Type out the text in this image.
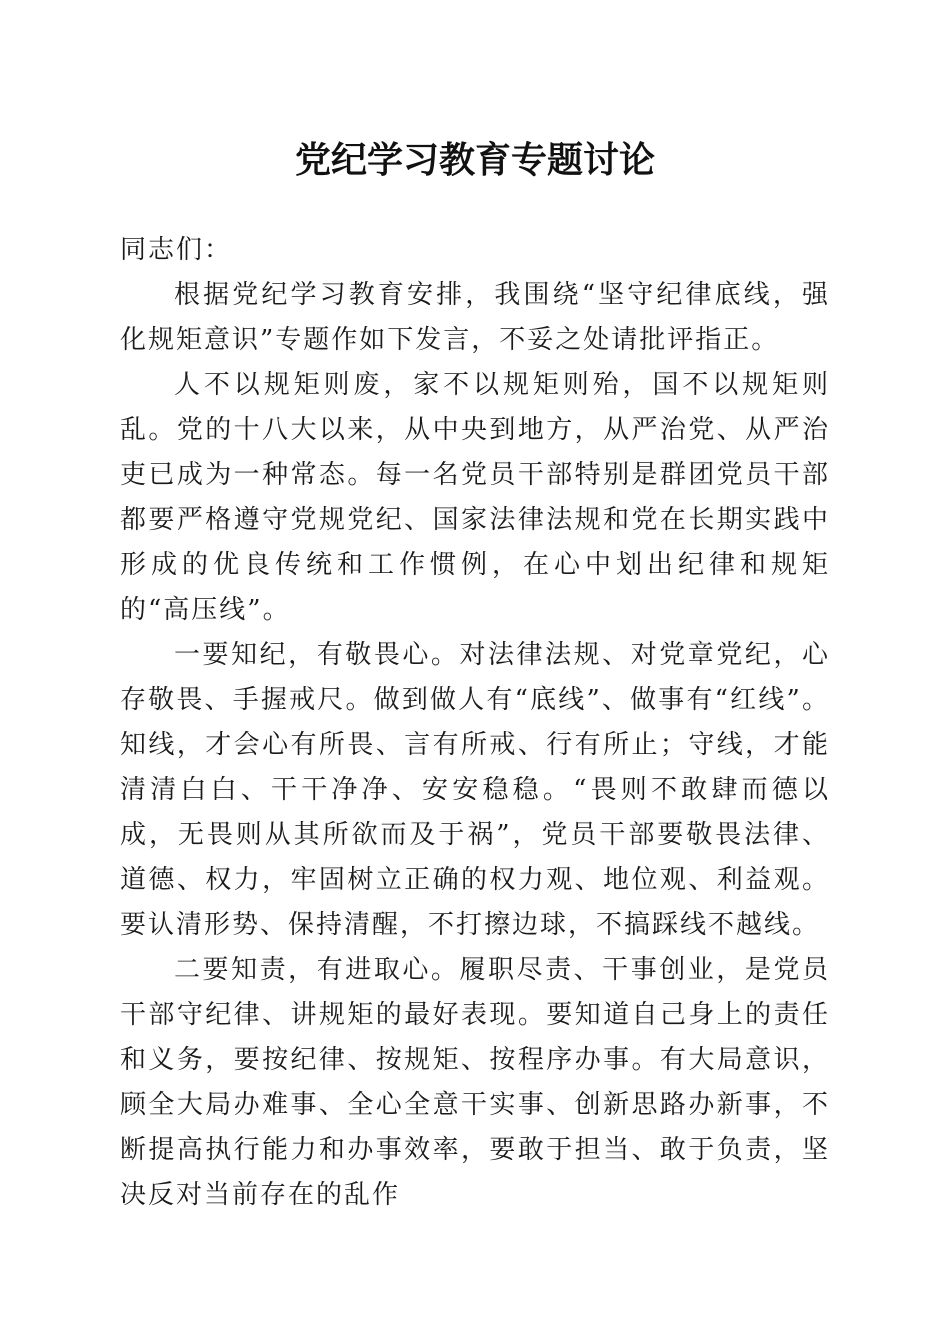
党纪学习教育专题讨论

同志们：

根据党纪学习教育安排，我围绕“坚守纪律底线，强化规矩意识”专题作如下发言，不妥之处请批评指正。

人不以规矩则废，家不以规矩则殆，国不以规矩则乱。党的十八大以来，从中央到地方，从严治党、从严治吏已成为一种常态。每一名党员干部特别是群团党员干部都要严格遵守党规党纪、国家法律法规和党在长期实践中形成的优良传统和工作惯例，在心中划出纪律和规矩的“高压线”。

一要知纪，有敬畏心。对法律法规、对党章党纪，心存敬畏、手握戒尺。做到做人有“底线”、做事有“红线”。知线，才会心有所畏、言有所戒、行有所止；守线，才能清清白白、干干净净、安安稳稳。“畏则不敢肆而德以成，无畏则从其所欲而及于祸”，党员干部要敬畏法律、道德、权力，牢固树立正确的权力观、地位观、利益观。要认清形势、保持清醒，不打擦边球，不搞踩线不越线。

二要知责，有进取心。履职尽责、干事创业，是党员干部守纪律、讲规矩的最好表现。要知道自己身上的责任和义务，要按纪律、按规矩、按程序办事。有大局意识，顾全大局办难事、全心全意干实事、创新思路办新事，不断提高执行能力和办事效率，要敢于担当、敢于负责，坚决反对当前存在的乱作
